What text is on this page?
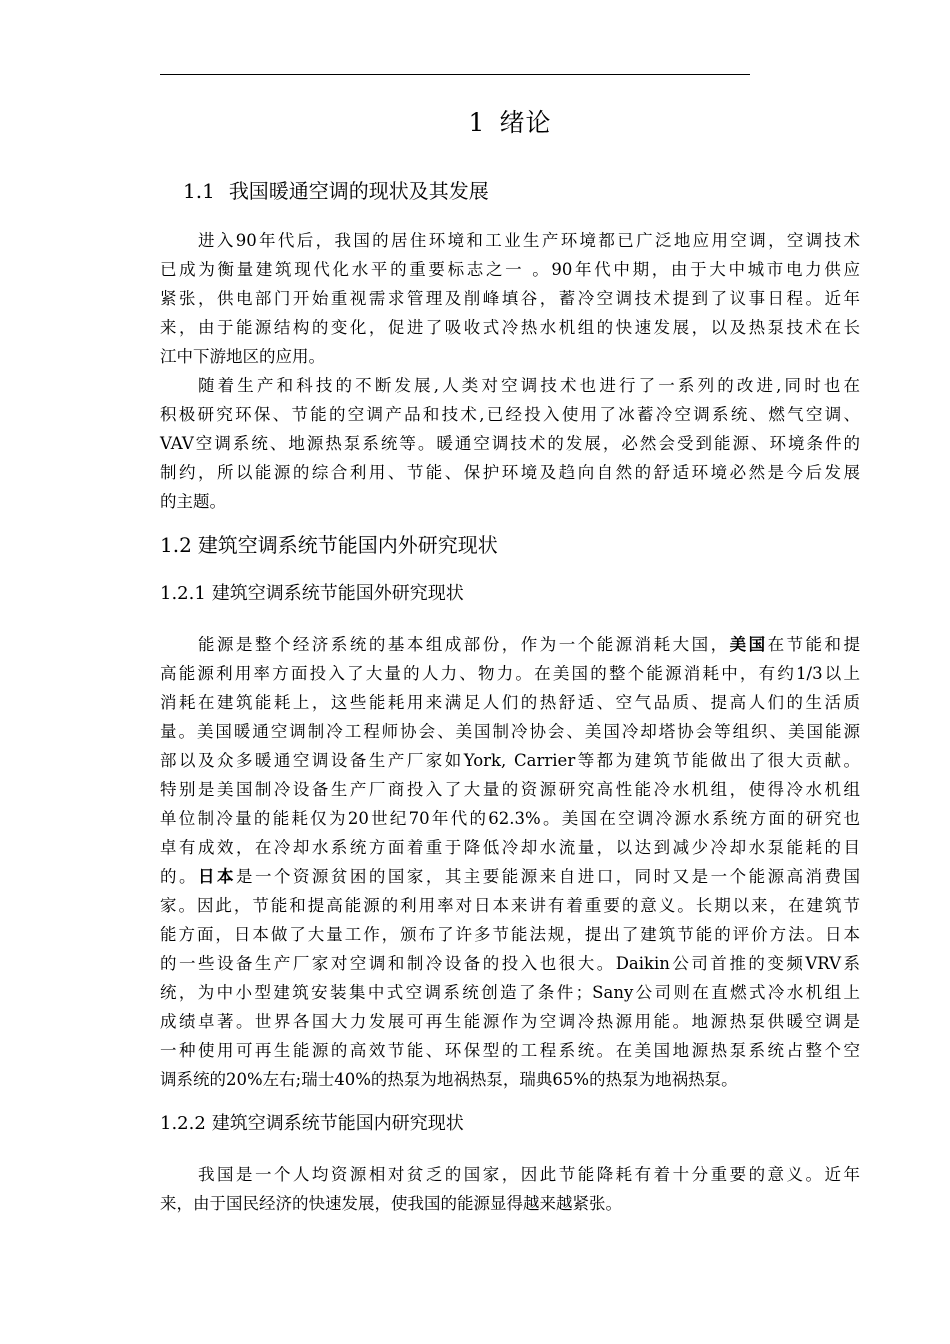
1 绪论
1.1 我国暖通空调的现状及其发展
进入90年代后，我国的居住环境和工业生产环境都已广泛地应用空调，空调技术
已成为衡量建筑现代化水平的重要标志之一 。90年代中期，由于大中城市电力供应
紧张，供电部门开始重视需求管理及削峰填谷，蓄冷空调技术提到了议事日程。近年
来，由于能源结构的变化，促进了吸收式冷热水机组的快速发展，以及热泵技术在长
江中下游地区的应用。
随着生产和科技的不断发展,人类对空调技术也进行了一系列的改进,同时也在
积极研究环保、节能的空调产品和技术,已经投入使用了冰蓄冷空调系统、燃气空调、
VAV空调系统、地源热泵系统等。暖通空调技术的发展，必然会受到能源、环境条件的
制约，所以能源的综合利用、节能、保护环境及趋向自然的舒适环境必然是今后发展
的主题。
1.2 建筑空调系统节能国内外研究现状
1.2.1 建筑空调系统节能国外研究现状
能源是整个经济系统的基本组成部份，作为一个能源消耗大国，美国在节能和提
高能源利用率方面投入了大量的人力、物力。在美国的整个能源消耗中，有约1/3以上
消耗在建筑能耗上，这些能耗用来满足人们的热舒适、空气品质、提高人们的生活质
量。美国暖通空调制冷工程师协会、美国制冷协会、美国冷却塔协会等组织、美国能源
部以及众多暖通空调设备生产厂家如York, Carrier等都为建筑节能做出了很大贡献。
特别是美国制冷设备生产厂商投入了大量的资源研究高性能冷水机组，使得冷水机组
单位制冷量的能耗仅为20世纪70年代的62.3%。美国在空调冷源水系统方面的研究也
卓有成效，在冷却水系统方面着重于降低冷却水流量，以达到减少冷却水泵能耗的目
的。日本是一个资源贫困的国家，其主要能源来自进口，同时又是一个能源高消费国
家。因此，节能和提高能源的利用率对日本来讲有着重要的意义。长期以来，在建筑节
能方面，日本做了大量工作，颁布了许多节能法规，提出了建筑节能的评价方法。日本
的一些设备生产厂家对空调和制冷设备的投入也很大。Daikin公司首推的变频VRV系
统，为中小型建筑安装集中式空调系统创造了条件；Sany公司则在直燃式冷水机组上
成绩卓著。世界各国大力发展可再生能源作为空调冷热源用能。地源热泵供暖空调是
一种使用可再生能源的高效节能、环保型的工程系统。在美国地源热泵系统占整个空
调系统的20%左右;瑞士40%的热泵为地祸热泵，瑞典65%的热泵为地祸热泵。
1.2.2 建筑空调系统节能国内研究现状
我国是一个人均资源相对贫乏的国家，因此节能降耗有着十分重要的意义。近年
来，由于国民经济的快速发展，使我国的能源显得越来越紧张。
